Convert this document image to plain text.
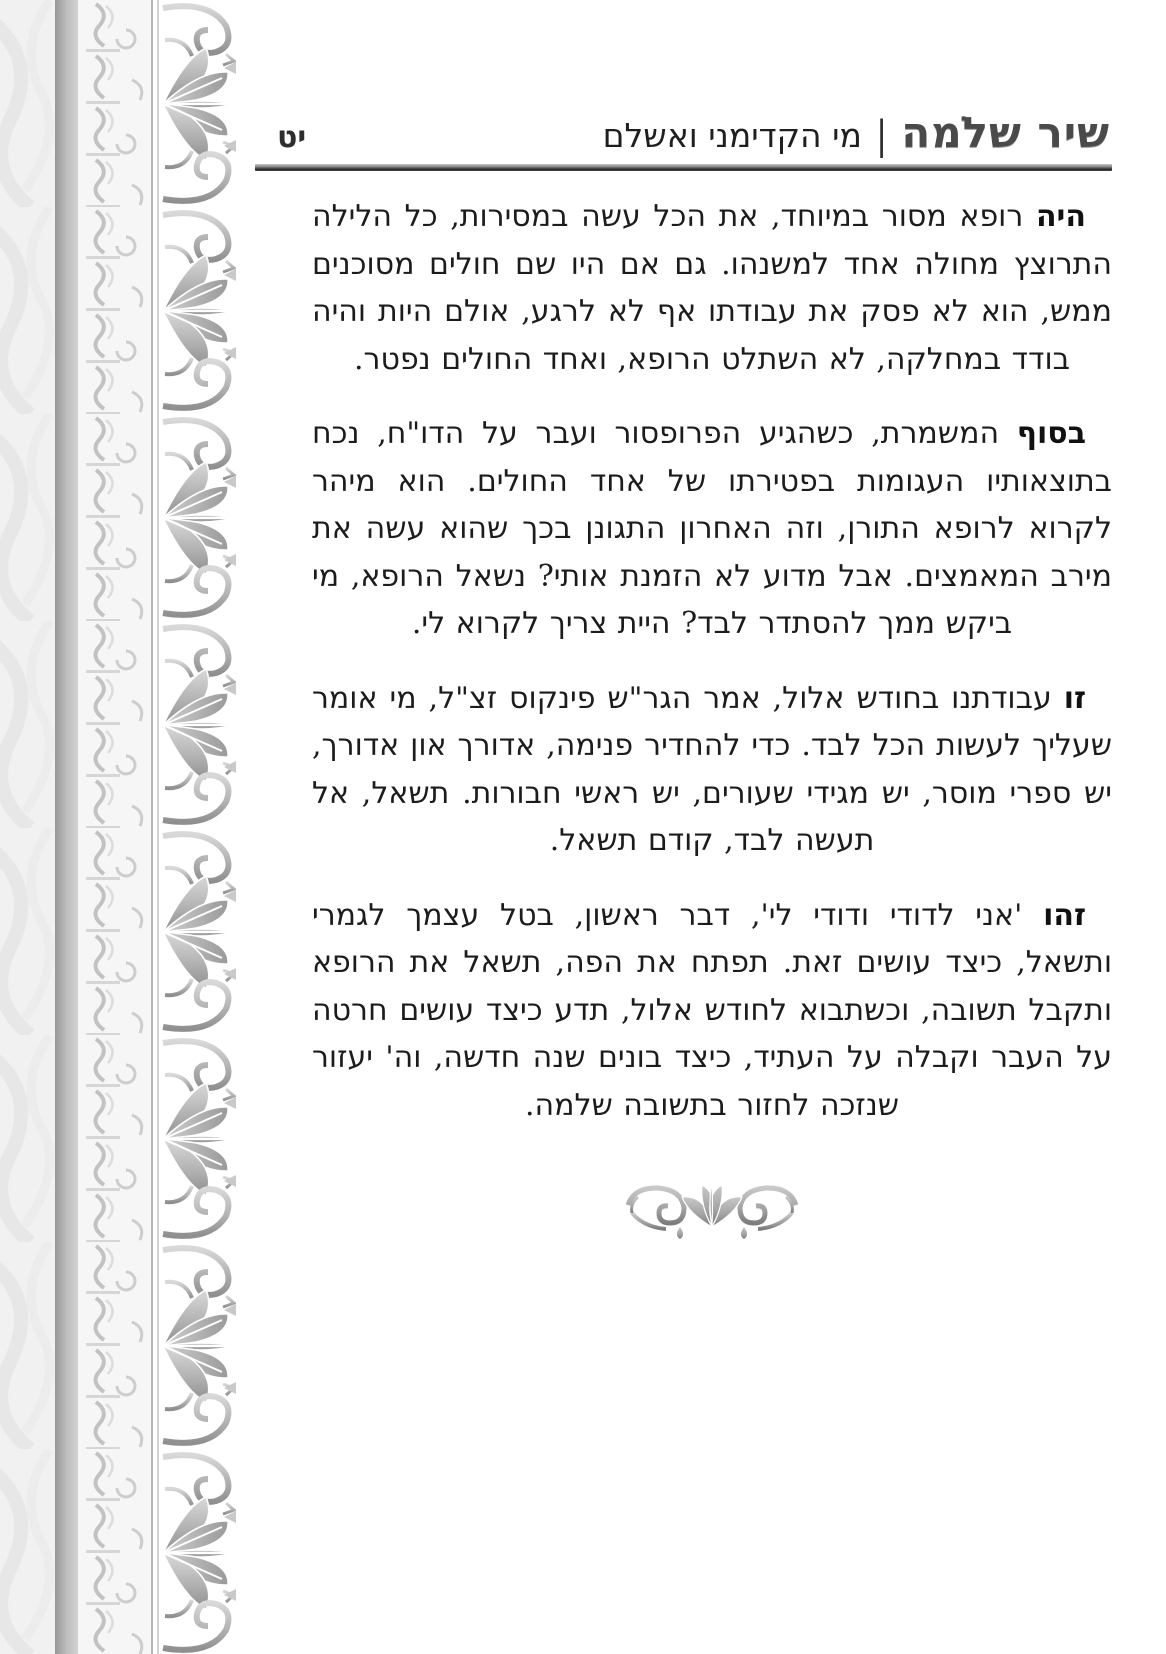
שיר שלֹמה
|
מי הקדימני ואשלם
יט

היה רופא מסור במיוחד, את הכל עשה במסירות, כל הלילה התרוצץ מחולה אחד למשנהו. גם אם היו שם חולים מסוכנים ממש, הוא לא פסק את עבודתו אף לא לרגע, אולם היות והיה בודד במחלקה, לא השתלט הרופא, ואחד החולים נפטר.

בסוף המשמרת, כשהגיע הפרופסור ועבר על הדו"ח, נכח בתוצאותיו העגומות בפטירתו של אחד החולים. הוא מיהר לקרוא לרופא התורן, וזה האחרון התגונן בכך שהוא עשה את מירב המאמצים. אבל מדוע לא הזמנת אותי? נשאל הרופא, מי ביקש ממך להסתדר לבד? היית צריך לקרוא לי.

זו עבודתנו בחודש אלול, אמר הגר"ש פינקוס זצ"ל, מי אומר שעליך לעשות הכל לבד. כדי להחדיר פנימה, אדורך און אדורך, יש ספרי מוסר, יש מגידי שעורים, יש ראשי חבורות. תשאל, אל תעשה לבד, קודם תשאל.

זהו 'אני לדודי ודודי לי', דבר ראשון, בטל עצמך לגמרי ותשאל, כיצד עושים זאת. תפתח את הפה, תשאל את הרופא ותקבל תשובה, וכשתבוא לחודש אלול, תדע כיצד עושים חרטה על העבר וקבלה על העתיד, כיצד בונים שנה חדשה, וה' יעזור שנזכה לחזור בתשובה שלמה.
